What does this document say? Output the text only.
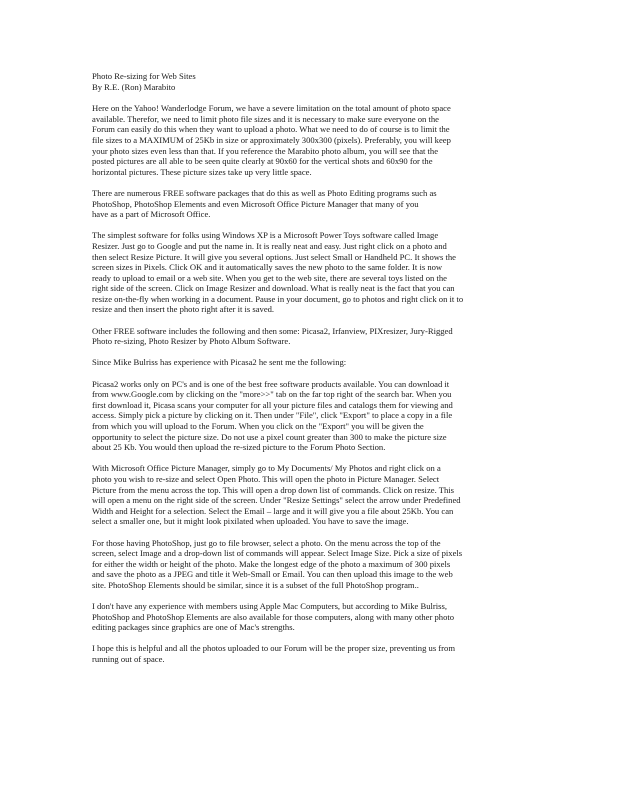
Photo Re-sizing for Web Sites
By R.E. (Ron) Marabito
Here on the Yahoo! Wanderlodge Forum, we have a severe limitation on the total amount of photo space
available. Therefor, we need to limit photo file sizes and it is necessary to make sure everyone on the
Forum can easily do this when they want to upload a photo. What we need to do of course is to limit the
file sizes to a MAXIMUM of 25Kb in size or approximately 300x300 (pixels). Preferably, you will keep
your photo sizes even less than that. If you reference the Marabito photo album, you will see that the
posted pictures are all able to be seen quite clearly at 90x60 for the vertical shots and 60x90 for the
horizontal pictures. These picture sizes take up very little space.
There are numerous FREE software packages that do this as well as Photo Editing programs such as
PhotoShop, PhotoShop Elements and even Microsoft Office Picture Manager that many of you
have as a part of Microsoft Office.
The simplest software for folks using Windows XP is a Microsoft Power Toys software called Image
Resizer. Just go to Google and put the name in. It is really neat and easy. Just right click on a photo and
then select Resize Picture. It will give you several options. Just select Small or Handheld PC. It shows the
screen sizes in Pixels. Click OK and it automatically saves the new photo to the same folder. It is now
ready to upload to email or a web site. When you get to the web site, there are several toys listed on the
right side of the screen. Click on Image Resizer and download. What is really neat is the fact that you can
resize on-the-fly when working in a document. Pause in your document, go to photos and right click on it to
resize and then insert the photo right after it is saved.
Other FREE software includes the following and then some: Picasa2, Irfanview, PIXresizer, Jury-Rigged
Photo re-sizing, Photo Resizer by Photo Album Software.
Since Mike Bulriss has experience with Picasa2 he sent me the following:
Picasa2 works only on PC's and is one of the best free software products available. You can download it
from www.Google.com by clicking on the "more>>" tab on the far top right of the search bar. When you
first download it, Picasa scans your computer for all your picture files and catalogs them for viewing and
access. Simply pick a picture by clicking on it. Then under "File", click "Export" to place a copy in a file
from which you will upload to the Forum. When you click on the "Export" you will be given the
opportunity to select the picture size. Do not use a pixel count greater than 300 to make the picture size
about 25 Kb. You would then upload the re-sized picture to the Forum Photo Section.
With Microsoft Office Picture Manager, simply go to My Documents/ My Photos and right click on a
photo you wish to re-size and select Open Photo. This will open the photo in Picture Manager. Select
Picture from the menu across the top. This will open a drop down list of commands. Click on resize. This
will open a menu on the right side of the screen. Under "Resize Settings" select the arrow under Predefined
Width and Height for a selection. Select the Email – large and it will give you a file about 25Kb. You can
select a smaller one, but it might look pixilated when uploaded. You have to save the image.
For those having PhotoShop, just go to file browser, select a photo. On the menu across the top of the
screen, select Image and a drop-down list of commands will appear. Select Image Size. Pick a size of pixels
for either the width or height of the photo. Make the longest edge of the photo a maximum of 300 pixels
and save the photo as a JPEG and title it Web-Small or Email. You can then upload this image to the web
site. PhotoShop Elements should be similar, since it is a subset of the full PhotoShop program..
I don't have any experience with members using Apple Mac Computers, but according to Mike Bulriss,
PhotoShop and PhotoShop Elements are also available for those computers, along with many other photo
editing packages since graphics are one of Mac's strengths.
I hope this is helpful and all the photos uploaded to our Forum will be the proper size, preventing us from
running out of space.
